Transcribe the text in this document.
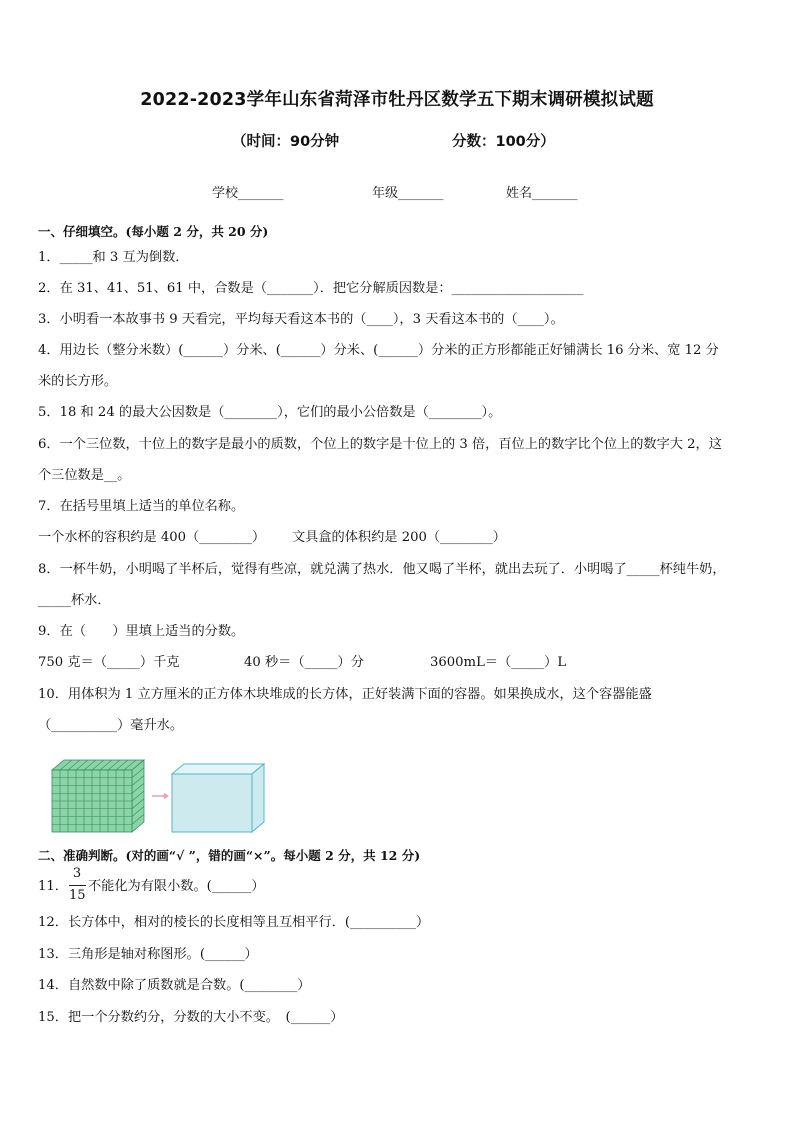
2022-2023学年山东省菏泽市牡丹区数学五下期末调研模拟试题
（时间：90分钟	分数：100分）
学校_______	年级_______	姓名_______
一、仔细填空。(每小题 2 分，共 20 分)
1．_____和 3 互为倒数．
2．在 31、41、51、61 中，合数是（_______）．把它分解质因数是：____________________
3．小明看一本故事书 9 天看完，平均每天看这本书的（____），3 天看这本书的（____）。
4．用边长（整分米数）(______）分米、(______）分米、(______）分米的正方形都能正好铺满长 16 分米、宽 12 分
米的长方形。
5．18 和 24 的最大公因数是（________），它们的最小公倍数是（________）。
6．一个三位数，十位上的数字是最小的质数，个位上的数字是十位上的 3 倍，百位上的数字比个位上的数字大 2，这
个三位数是__。
7．在括号里填上适当的单位名称。
一个水杯的容积约是 400（________） 文具盒的体积约是 200（________）
8．一杯牛奶，小明喝了半杯后，觉得有些凉，就兑满了热水．他又喝了半杯，就出去玩了．小明喝了_____杯纯牛奶，
_____杯水．
9．在（　　）里填上适当的分数。
750 克＝（_____）千克	40 秒＝（_____）分	3600mL＝（_____）L
10．用体积为 1 立方厘米的正方体木块堆成的长方体，正好装满下面的容器。如果换成水，这个容器能盛
（__________）毫升水。
二、准确判断。(对的画“√ ”，错的画“×”。每小题 2 分，共 12 分)
11．
3
15
不能化为有限小数。(______）
12．长方体中，相对的棱长的长度相等且互相平行．(__________）
13．三角形是轴对称图形。(______）
14．自然数中除了质数就是合数。(________）
15．把一个分数约分，分数的大小不变。　(______）
